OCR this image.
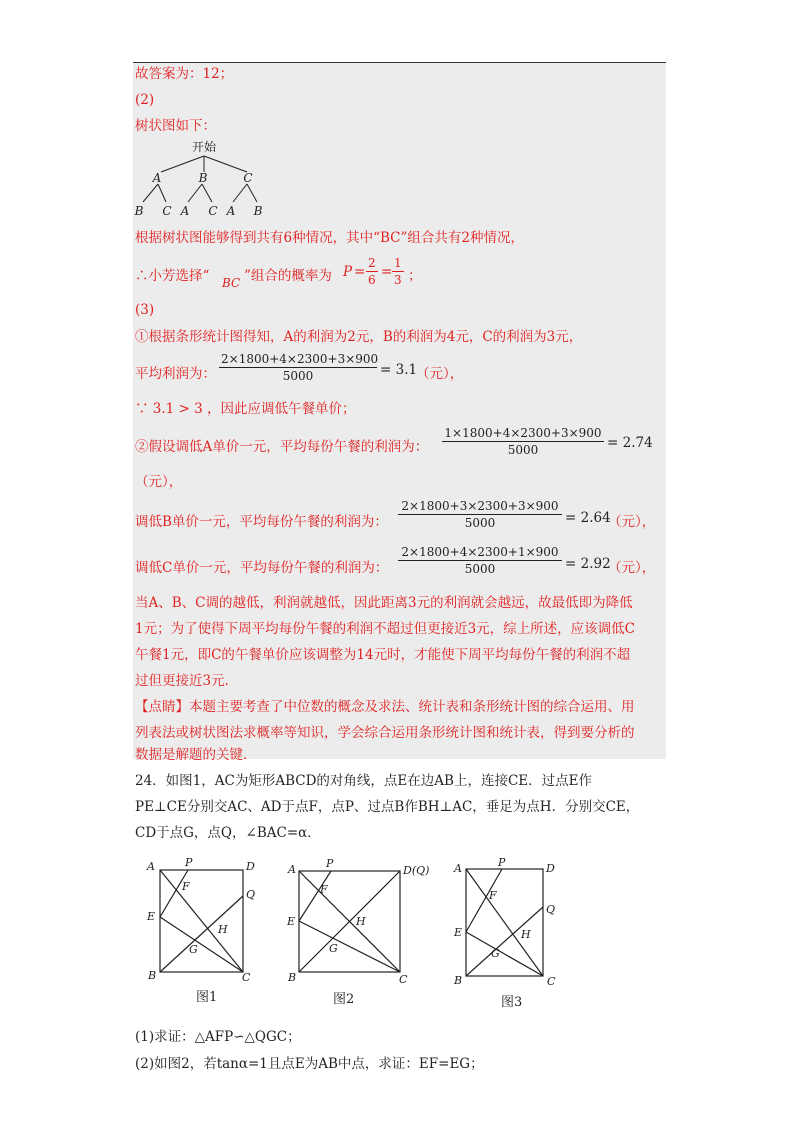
故答案为：12；
(2)
树状图如下：
开始
A	B	C
B C A C A B
根据树状图能够得到共有6种情况，其中“BC”组合共有2种情况，
∴小芳选择“ BC ”组合的概率为 $P = \frac{2}{6} = \frac{1}{3}$ ；
(3)
①根据条形统计图得知，A的利润为2元，B的利润为4元，C的利润为3元，
平均利润为： $\frac{2\times 1800+4\times 2300+3\times 900}{5000} = 3.1$
（元），
∵ 3.1 > 3 ，因此应调低午餐单价；
②假设调低A单价一元，平均每份午餐的利润为： $\frac{1\times 1800+4\times 2300+3\times 900}{5000} = 2.74$
（元），
调低B单价一元，平均每份午餐的利润为： $\frac{2\times 1800+3\times 2300+3\times 900}{5000} = 2.64$
（元），
调低C单价一元，平均每份午餐的利润为： $\frac{2\times 1800+4\times 2300+1\times 900}{5000} = 2.92$
（元），
当A、B、C调的越低，利润就越低，因此距离3元的利润就会越远，故最低即为降低
1元；为了使得下周平均每份午餐的利润不超过但更接近3元，综上所述，应该调低C
午餐1元，即C的午餐单价应该调整为14元时，才能使下周平均每份午餐的利润不超
过但更接近3元．
【点睛】本题主要考查了中位数的概念及求法、统计表和条形统计图的综合运用、用
列表法或树状图法求概率等知识，学会综合运用条形统计图和统计表，得到要分析的
数据是解题的关键．
24．如图1，AC为矩形ABCD的对角线，点E在边AB上，连接CE．过点E作
PE⊥CE分别交AC、AD于点F，点P、过点B作BH⊥AC，垂足为点H．分别交CE，
CD于点G，点Q，∠BAC=α．
A	P	D
F
Q
E
H
G
B	C
图1
A	P
D(Q)
F
E	H
G
B	C
图2
A	P	D
F
Q
E	H
G
B	C
图3
(1)求证：△AFP∽△QGC；
(2)如图2，若tanα=1且点E为AB中点，求证：EF=EG；
